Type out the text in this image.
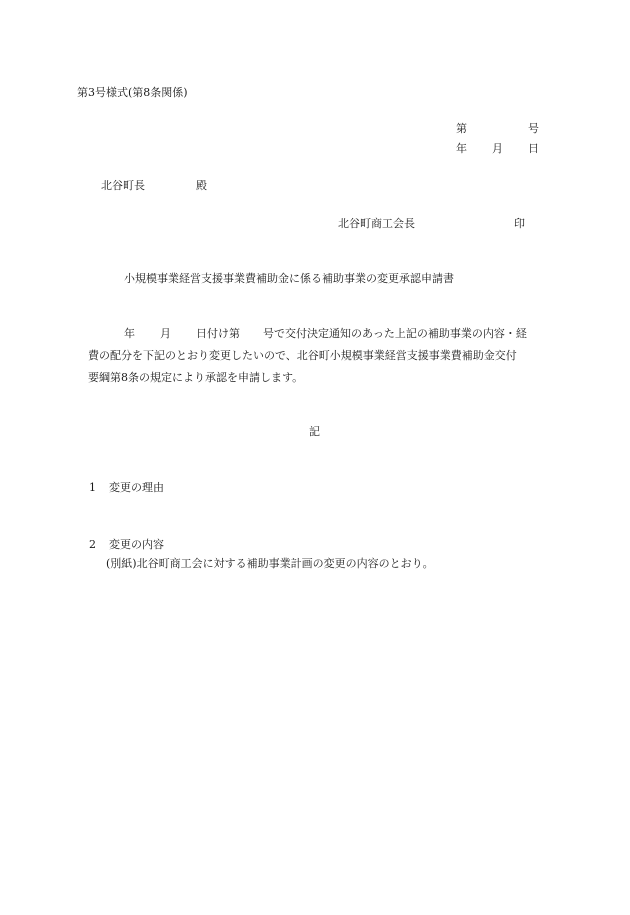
第3号様式(第8条関係)
第	号
年 月 日
北谷町長	殿
北谷町商工会長	印
小規模事業経営支援事業費補助金に係る補助事業の変更承認申請書
年 月 日付け第 号で交付決定通知のあった上記の補助事業の内容・経
費の配分を下記のとおり変更したいので、北谷町小規模事業経営支援事業費補助金交付
要綱第8条の規定により承認を申請します。
記
1 変更の理由
2 変更の内容
(別紙)北谷町商工会に対する補助事業計画の変更の内容のとおり。
